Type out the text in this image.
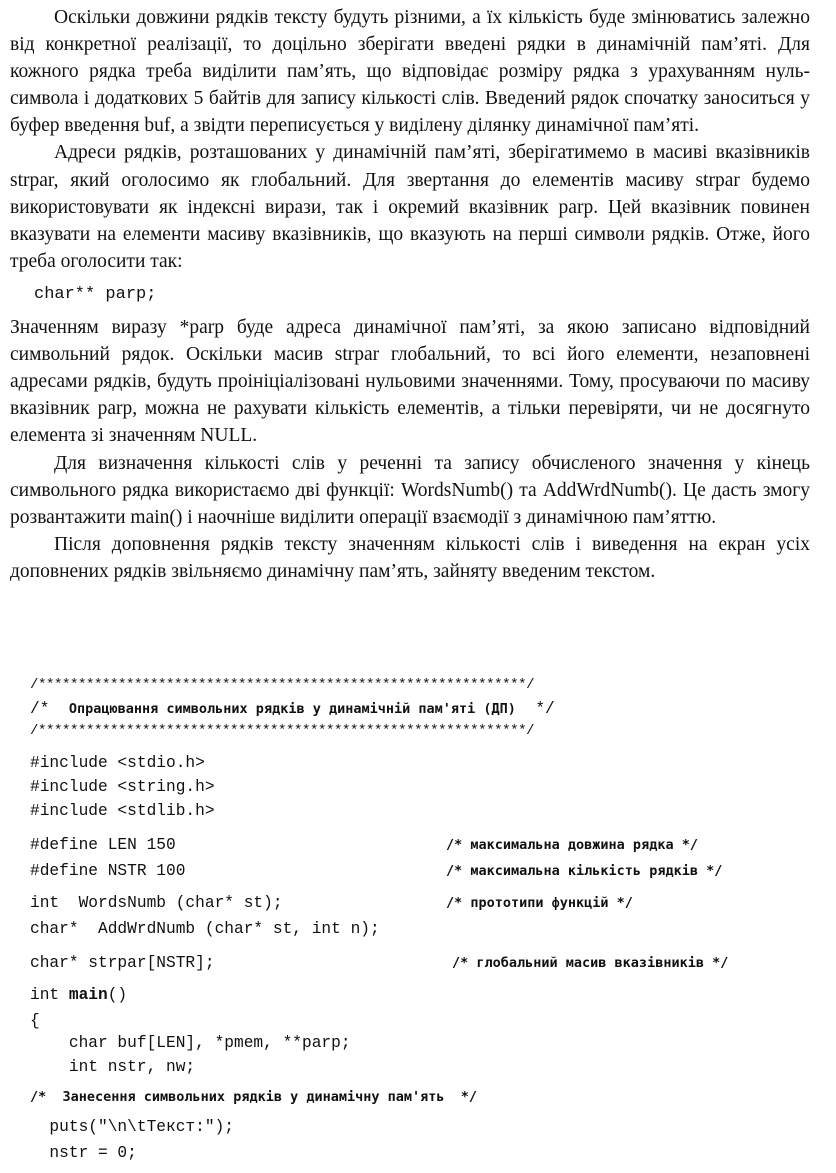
Оскільки довжини рядків тексту будуть різними, а їх кількість буде змінюватись залежно від конкретної реалізації, то доцільно зберігати введені рядки в динамічній пам’яті. Для кожного рядка треба виділити пам’ять, що відповідає розміру рядка з урахуванням нуль-символа і додаткових 5 байтів для запису кількості слів. Введений рядок спочатку заноситься у буфер введення buf, а звідти переписується у виділену ділянку динамічної пам’яті.

Адреси рядків, розташованих у динамічній пам’яті, зберігатимемо в масиві вказівників strpar, який оголосимо як глобальний. Для звертання до елементів масиву strpar будемо використовувати як індексні вирази, так і окремий вказівник parp. Цей вказівник повинен вказувати на елементи масиву вказівників, що вказують на перші символи рядків. Отже, його треба оголосити так:

char** parp;

Значенням виразу *parp буде адреса динамічної пам’яті, за якою записано відповідний символьний рядок. Оскільки масив strpar глобальний, то всі його елементи, незаповнені адресами рядків, будуть проініціалізовані нульовими значеннями. Тому, просуваючи по масиву вказівник parp, можна не рахувати кількість елементів, а тільки перевіряти, чи не досягнуто елемента зі значенням NULL.

Для визначення кількості слів у реченні та запису обчисленого значення у кінець символьного рядка використаємо дві функції: WordsNumb() та AddWrdNumb(). Це дасть змогу розвантажити main() і наочніше виділити операції взаємодії з динамічною пам’яттю.

Після доповнення рядків тексту значенням кількості слів і виведення на екран усіх доповнених рядків звільняємо динамічну пам’ять, зайняту введеним текстом.

/*************************************************************/
/* Опрацювання символьних рядків у динамічній пам'яті (ДП) */
/*************************************************************/
#include <stdio.h>
#include <string.h>
#include <stdlib.h>
#define LEN 150	/* максимальна довжина рядка */
#define NSTR 100	/* максимальна кількість рядків */
int  WordsNumb (char* st);	/* прототипи функцій */
char*  AddWrdNumb (char* st, int n);
char* strpar[NSTR];	/* глобальний масив вказівників */
int main()
{
char buf[LEN], *pmem, **parp;
int nstr, nw;
/*  Занесення символьних рядків у динамічну пам'ять  */
puts("\n\tТекст:");
nstr = 0;
